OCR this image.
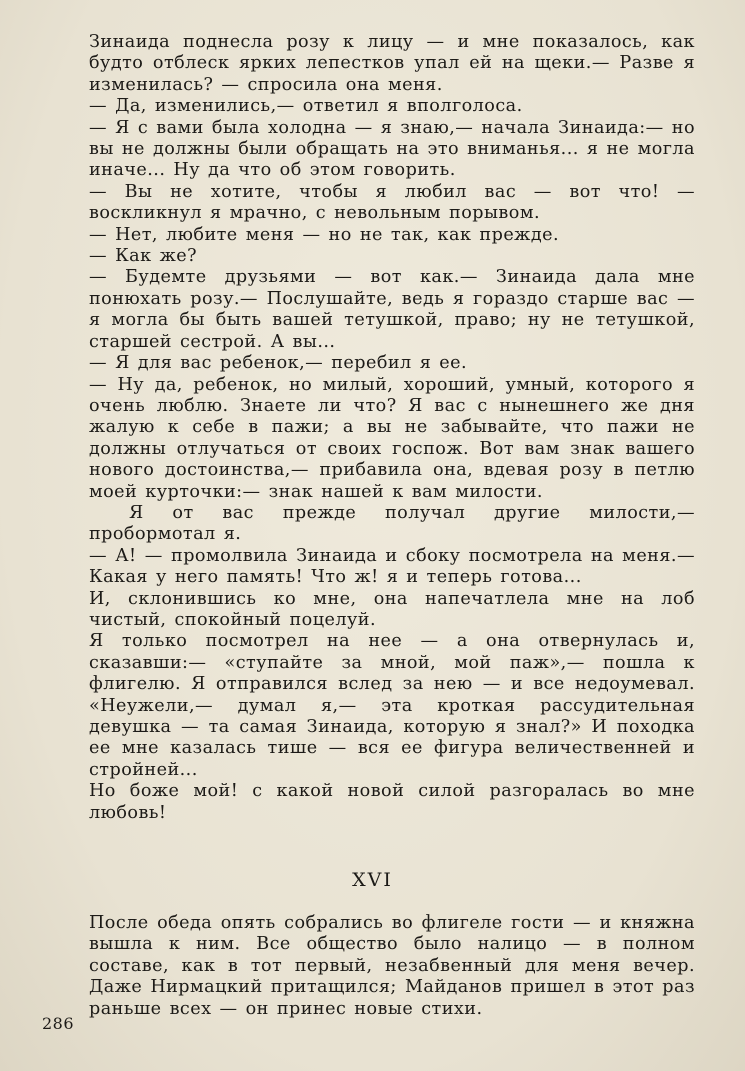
Зинаида поднесла розу к лицу — и мне показалось, как будто отблеск ярких лепестков упал ей на щеки.— Разве я изменилась? — спросила она меня.

— Да, изменились,— ответил я вполголоса.

— Я с вами была холодна — я знаю,— начала Зинаида:— но вы не должны были обращать на это вниманья... я не могла иначе... Ну да что об этом говорить.

— Вы не хотите, чтобы я любил вас — вот что! — воскликнул я мрачно, с невольным порывом.

— Нет, любите меня — но не так, как прежде.

— Как же?

— Будемте друзьями — вот как.— Зинаида дала мне понюхать розу.— Послушайте, ведь я гораздо старше вас — я могла бы быть вашей тетушкой, право; ну не тетушкой, старшей сестрой. А вы...

— Я для вас ребенок,— перебил я ее.

— Ну да, ребенок, но милый, хороший, умный, которого я очень люблю. Знаете ли что? Я вас с нынешнего же дня жалую к себе в пажи; а вы не забывайте, что пажи не должны отлучаться от своих госпож. Вот вам знак вашего нового достоинства,— прибавила она, вдевая розу в петлю моей курточки:— знак нашей к вам милости.

Я от вас прежде получал другие милости,— пробормотал я.

— А! — промолвила Зинаида и сбоку посмотрела на меня.— Какая у него память! Что ж! я и теперь готова...

И, склонившись ко мне, она напечатлела мне на лоб чистый, спокойный поцелуй.

Я только посмотрел на нее — а она отвернулась и, сказавши:— «ступайте за мной, мой паж»,— пошла к флигелю. Я отправился вслед за нею — и все недоумевал. «Неужели,— думал я,— эта кроткая рассудительная девушка — та самая Зинаида, которую я знал?» И походка ее мне казалась тише — вся ее фигура величественней и стройней...

Но боже мой! с какой новой силой разгоралась во мне любовь!

XVI

После обеда опять собрались во флигеле гости — и княжна вышла к ним. Все общество было налицо — в полном составе, как в тот первый, незабвенный для меня вечер. Даже Нирмацкий притащился; Майданов пришел в этот раз раньше всех — он принес новые стихи.

286
